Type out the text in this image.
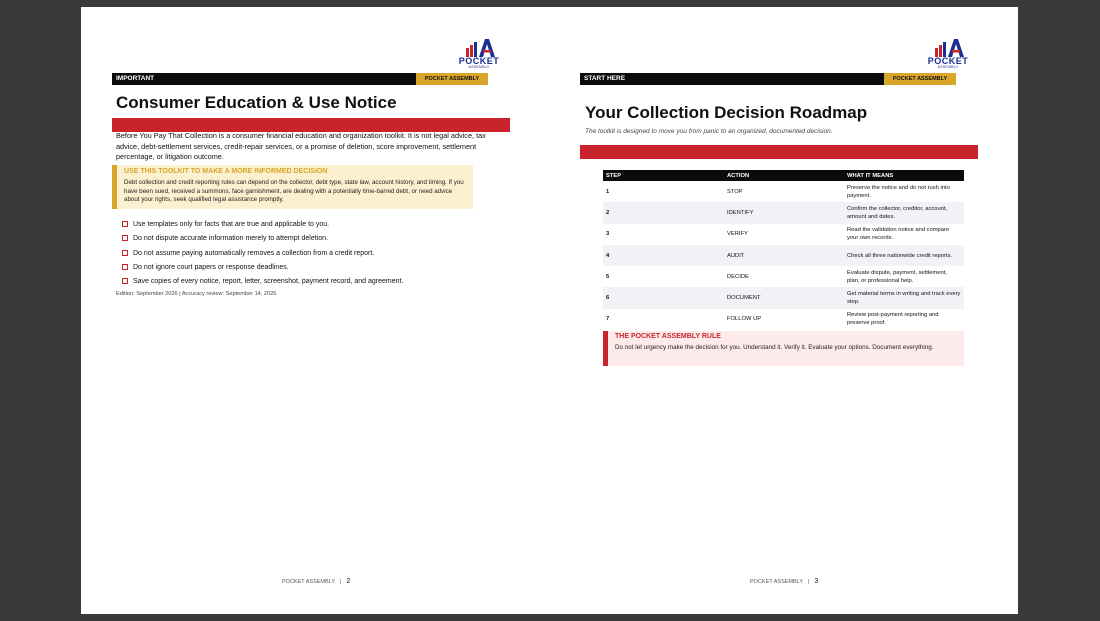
POCKET
ASSEMBLY
IMPORTANT	POCKET ASSEMBLY
Consumer Education & Use Notice

Before You Pay That Collection is a consumer financial education and organization toolkit. It is not legal advice, tax advice, debt-settlement services, credit-repair services, or a promise of deletion, score improvement, settlement percentage, or litigation outcome.

USE THIS TOOLKIT TO MAKE A MORE INFORMED DECISION
Debt collection and credit reporting rules can depend on the collector, debt type, state law, account history, and timing. If you have been sued, received a summons, face garnishment, are dealing with a potentially time-barred debt, or need advice about your rights, seek qualified legal assistance promptly.
Use templates only for facts that are true and applicable to you.
Do not dispute accurate information merely to attempt deletion.
Do not assume paying automatically removes a collection from a credit report.
Do not ignore court papers or response deadlines.
Save copies of every notice, report, letter, screenshot, payment record, and agreement.
Edition: September 2026 | Accuracy review: September 14, 2026
POCKET ASSEMBLY | 2
POCKET
ASSEMBLY
START HERE	POCKET ASSEMBLY
Your Collection Decision Roadmap
The toolkit is designed to move you from panic to an organized, documented decision.
STEP	ACTION	WHAT IT MEANS
1	STOP	Preserve the notice and do not rush into payment.
2	IDENTIFY	Confirm the collector, creditor, account, amount and dates.
3	VERIFY	Read the validation notice and compare your own records.
4	AUDIT	Check all three nationwide credit reports.
5	DECIDE	Evaluate dispute, payment, settlement, plan, or professional help.
6	DOCUMENT	Get material terms in writing and track every step.
7	FOLLOW UP	Review post-payment reporting and preserve proof.
THE POCKET ASSEMBLY RULE
Do not let urgency make the decision for you. Understand it. Verify it. Evaluate your options. Document everything.
POCKET ASSEMBLY | 3
